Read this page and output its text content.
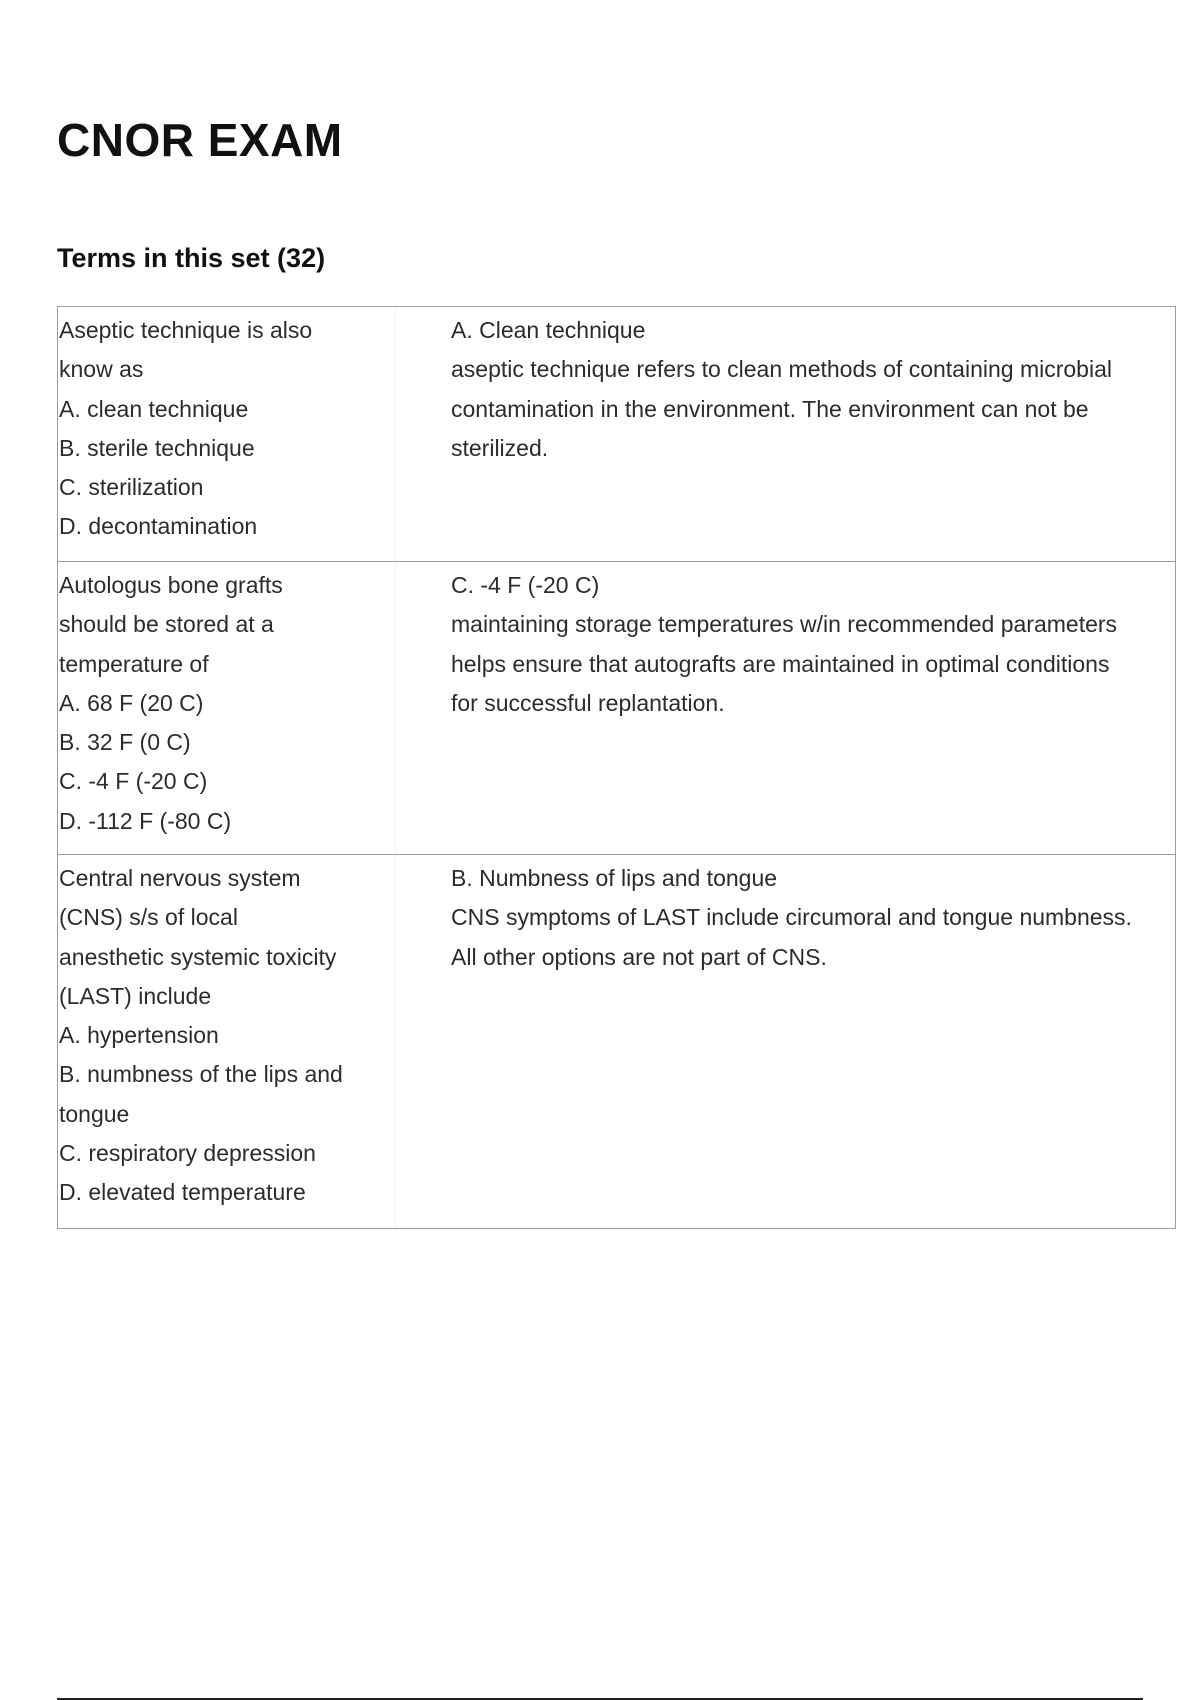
CNOR EXAM
Terms in this set (32)
Aseptic technique is also
know as
A. clean technique
B. sterile technique
C. sterilization
D. decontamination
A. Clean technique
aseptic technique refers to clean methods of containing microbial contamination in the environment. The environment can not be sterilized.
Autologus bone grafts
should be stored at a
temperature of
A. 68 F (20 C)
B. 32 F (0 C)
C. -4 F (-20 C)
D. -112 F (-80 C)
C. -4 F (-20 C)
maintaining storage temperatures w/in recommended parameters helps ensure that autografts are maintained in optimal conditions for successful replantation.
Central nervous system
(CNS) s/s of local
anesthetic systemic toxicity
(LAST) include
A. hypertension
B. numbness of the lips and
tongue
C. respiratory depression
D. elevated temperature
B. Numbness of lips and tongue
CNS symptoms of LAST include circumoral and tongue numbness. All other options are not part of CNS.
